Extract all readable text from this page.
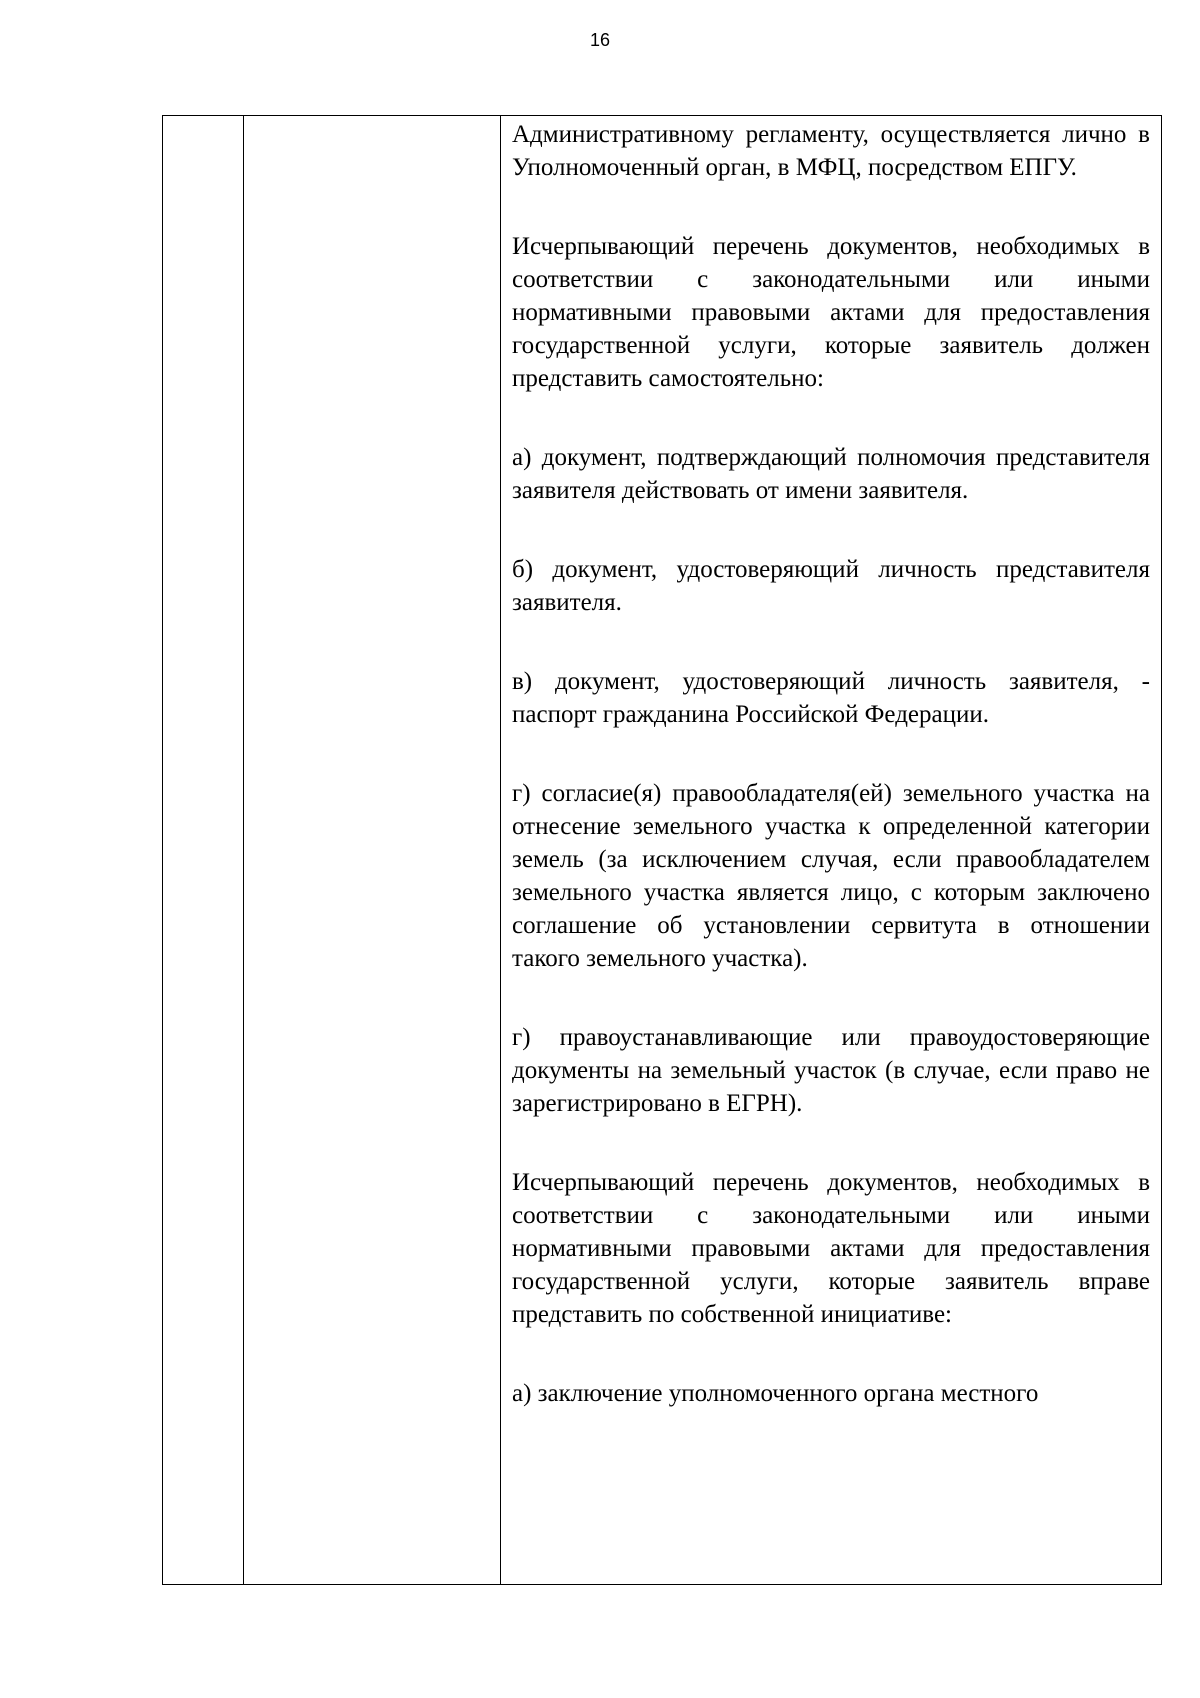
16

Административному регламенту, осуществляется лично в Уполномоченный орган, в МФЦ, посредством ЕПГУ.

Исчерпывающий перечень документов, необходимых в соответствии с законодательными или иными нормативными правовыми актами для предоставления государственной услуги, которые заявитель должен представить самостоятельно:

а) документ, подтверждающий полномочия представителя заявителя действовать от имени заявителя.

б) документ, удостоверяющий личность представителя заявителя.

в) документ, удостоверяющий личность заявителя, - паспорт гражданина Российской Федерации.

г) согласие(я) правообладателя(ей) земельного участка на отнесение земельного участка к определенной категории земель (за исключением случая, если правообладателем земельного участка является лицо, с которым заключено соглашение об установлении сервитута в отношении такого земельного участка).

г) правоустанавливающие или правоудостоверяющие документы на земельный участок (в случае, если право не зарегистрировано в ЕГРН).

Исчерпывающий перечень документов, необходимых в соответствии с законодательными или иными нормативными правовыми актами для предоставления государственной услуги, которые заявитель вправе представить по собственной инициативе:

а) заключение уполномоченного органа местного
